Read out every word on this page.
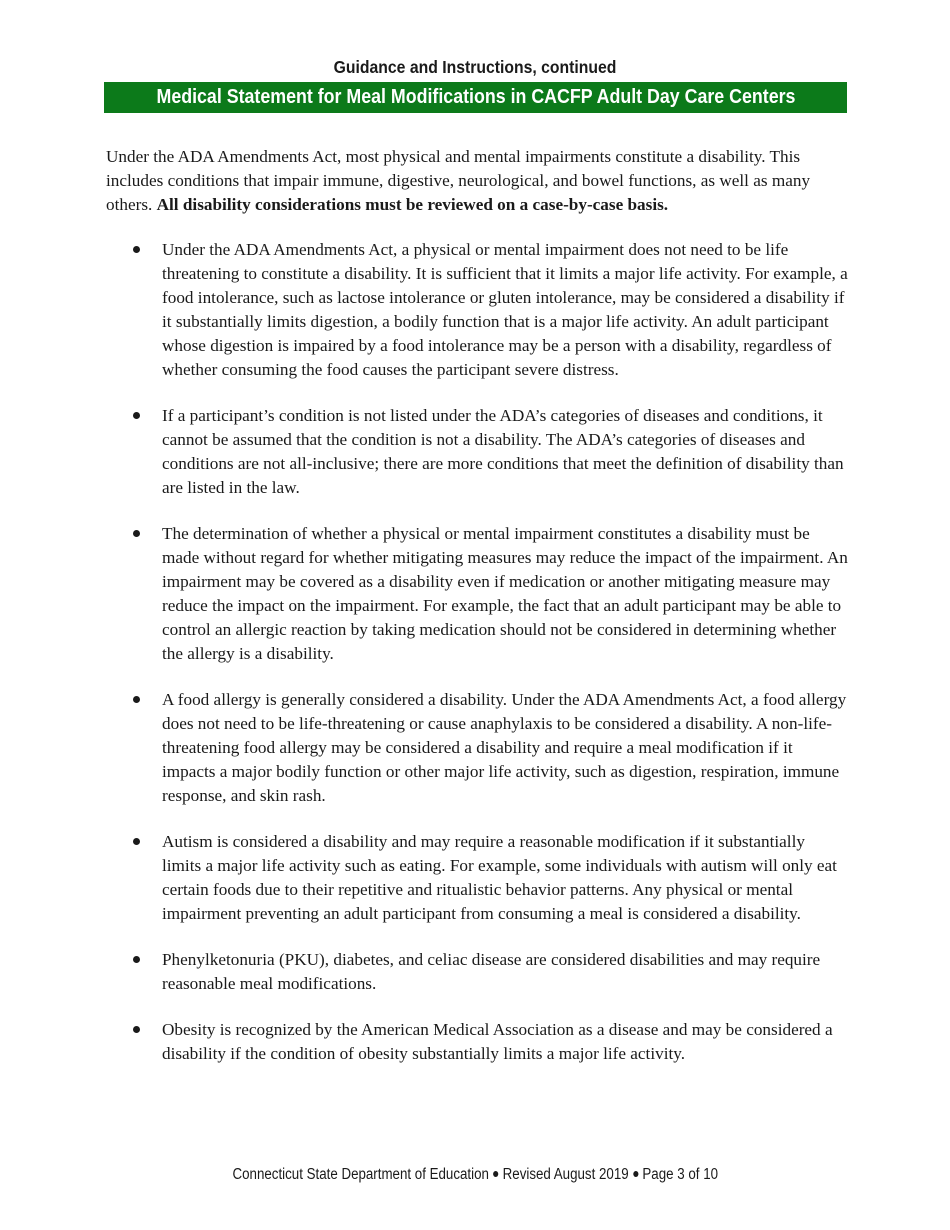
Guidance and Instructions, continued
Medical Statement for Meal Modifications in CACFP Adult Day Care Centers

Under the ADA Amendments Act, most physical and mental impairments constitute a disability. This includes conditions that impair immune, digestive, neurological, and bowel functions, as well as many others. All disability considerations must be reviewed on a case-by-case basis.

Under the ADA Amendments Act, a physical or mental impairment does not need to be life threatening to constitute a disability. It is sufficient that it limits a major life activity. For example, a food intolerance, such as lactose intolerance or gluten intolerance, may be considered a disability if it substantially limits digestion, a bodily function that is a major life activity. An adult participant whose digestion is impaired by a food intolerance may be a person with a disability, regardless of whether consuming the food causes the participant severe distress.
If a participant’s condition is not listed under the ADA’s categories of diseases and conditions, it cannot be assumed that the condition is not a disability. The ADA’s categories of diseases and conditions are not all-inclusive; there are more conditions that meet the definition of disability than are listed in the law.
The determination of whether a physical or mental impairment constitutes a disability must be made without regard for whether mitigating measures may reduce the impact of the impairment. An impairment may be covered as a disability even if medication or another mitigating measure may reduce the impact on the impairment. For example, the fact that an adult participant may be able to control an allergic reaction by taking medication should not be considered in determining whether the allergy is a disability.
A food allergy is generally considered a disability. Under the ADA Amendments Act, a food allergy does not need to be life-threatening or cause anaphylaxis to be considered a disability. A non-life-threatening food allergy may be considered a disability and require a meal modification if it impacts a major bodily function or other major life activity, such as digestion, respiration, immune response, and skin rash.
Autism is considered a disability and may require a reasonable modification if it substantially limits a major life activity such as eating. For example, some individuals with autism will only eat certain foods due to their repetitive and ritualistic behavior patterns. Any physical or mental impairment preventing an adult participant from consuming a meal is considered a disability.
Phenylketonuria (PKU), diabetes, and celiac disease are considered disabilities and may require reasonable meal modifications.
Obesity is recognized by the American Medical Association as a disease and may be considered a disability if the condition of obesity substantially limits a major life activity.
Connecticut State Department of Education Revised August 2019 Page 3 of 10
